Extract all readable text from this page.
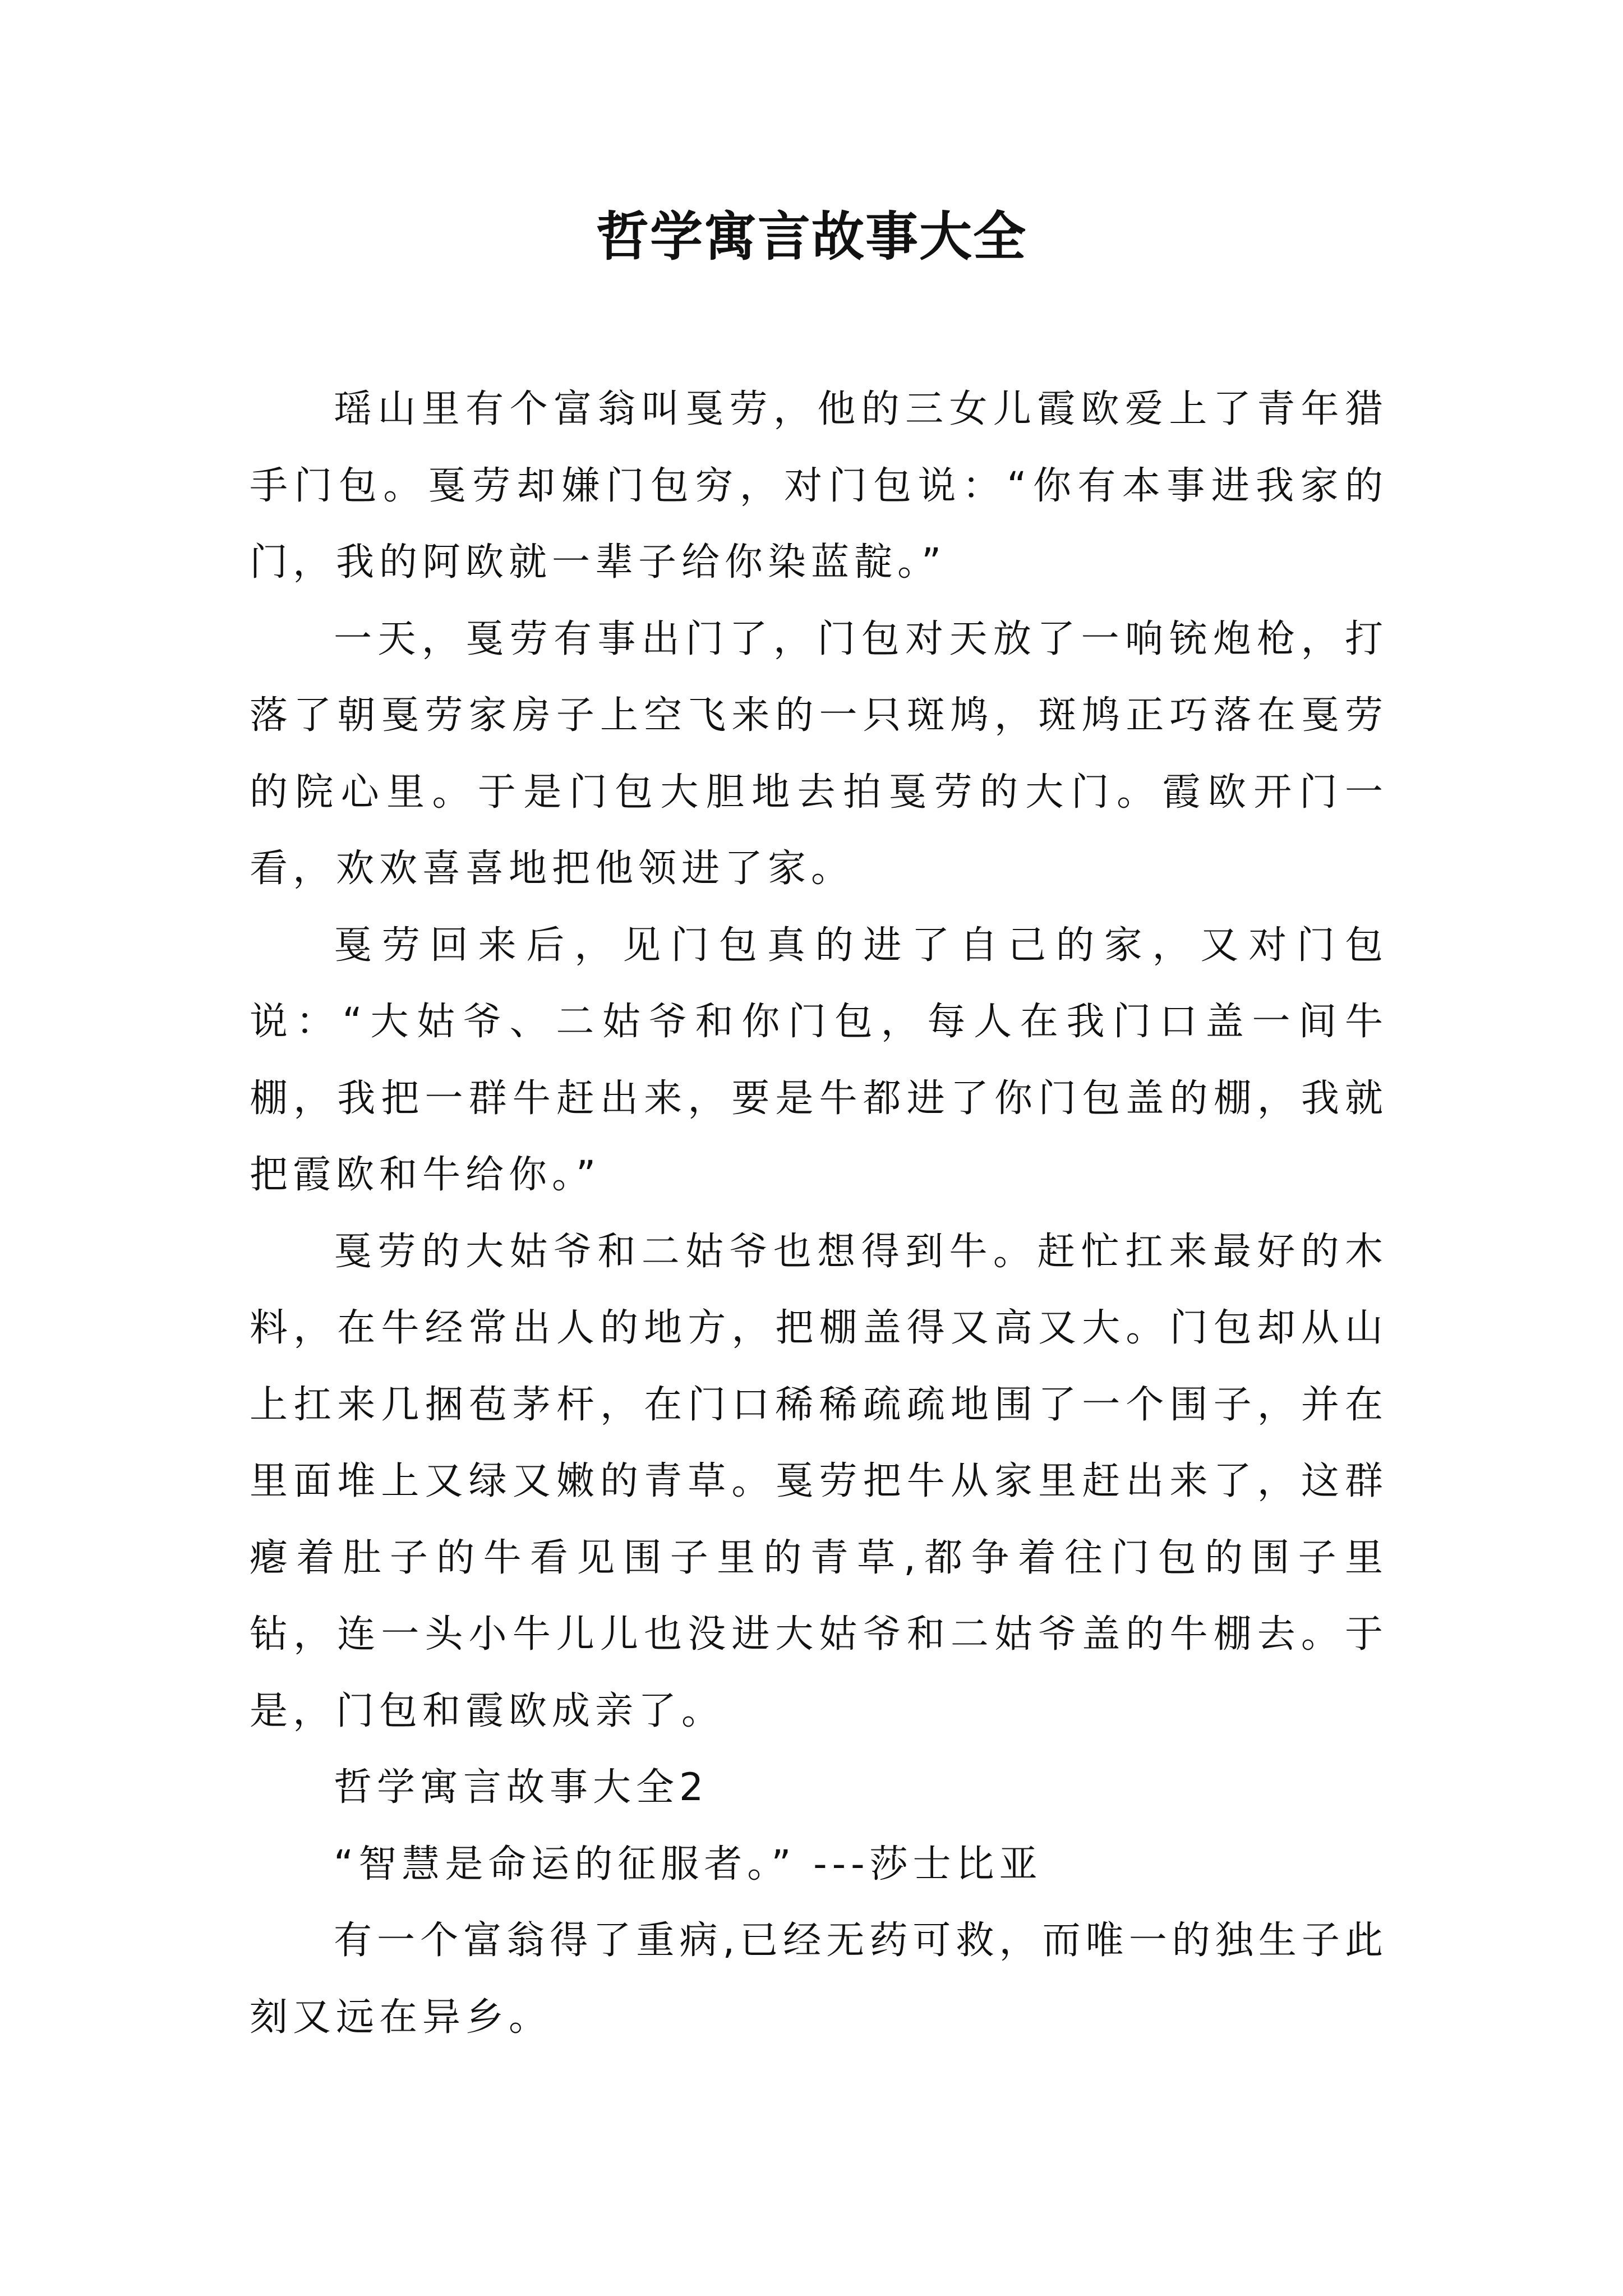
哲学寓言故事大全

瑶山里有个富翁叫戛劳，他的三女儿霞欧爱上了青年猎手门包。戛劳却嫌门包穷，对门包说：“你有本事进我家的门，我的阿欧就一辈子给你染蓝靛。”

一天，戛劳有事出门了，门包对天放了一响铳炮枪，打落了朝戛劳家房子上空飞来的一只斑鸠，斑鸠正巧落在戛劳的院心里。于是门包大胆地去拍戛劳的大门。霞欧开门一看，欢欢喜喜地把他领进了家。

戛劳回来后，见门包真的进了自己的家，又对门包说：“大姑爷、二姑爷和你门包，每人在我门口盖一间牛棚，我把一群牛赶出来，要是牛都进了你门包盖的棚，我就把霞欧和牛给你。”

戛劳的大姑爷和二姑爷也想得到牛。赶忙扛来最好的木料，在牛经常出人的地方，把棚盖得又高又大。门包却从山上扛来几捆苞茅杆，在门口稀稀疏疏地围了一个围子，并在里面堆上又绿又嫩的青草。戛劳把牛从家里赶出来了，这群瘪着肚子的牛看见围子里的青草,都争着往门包的围子里钻，连一头小牛儿儿也没进大姑爷和二姑爷盖的牛棚去。于是，门包和霞欧成亲了。

哲学寓言故事大全2

“智慧是命运的征服者。” ---莎士比亚

有一个富翁得了重病,已经无药可救，而唯一的独生子此刻又远在异乡。
